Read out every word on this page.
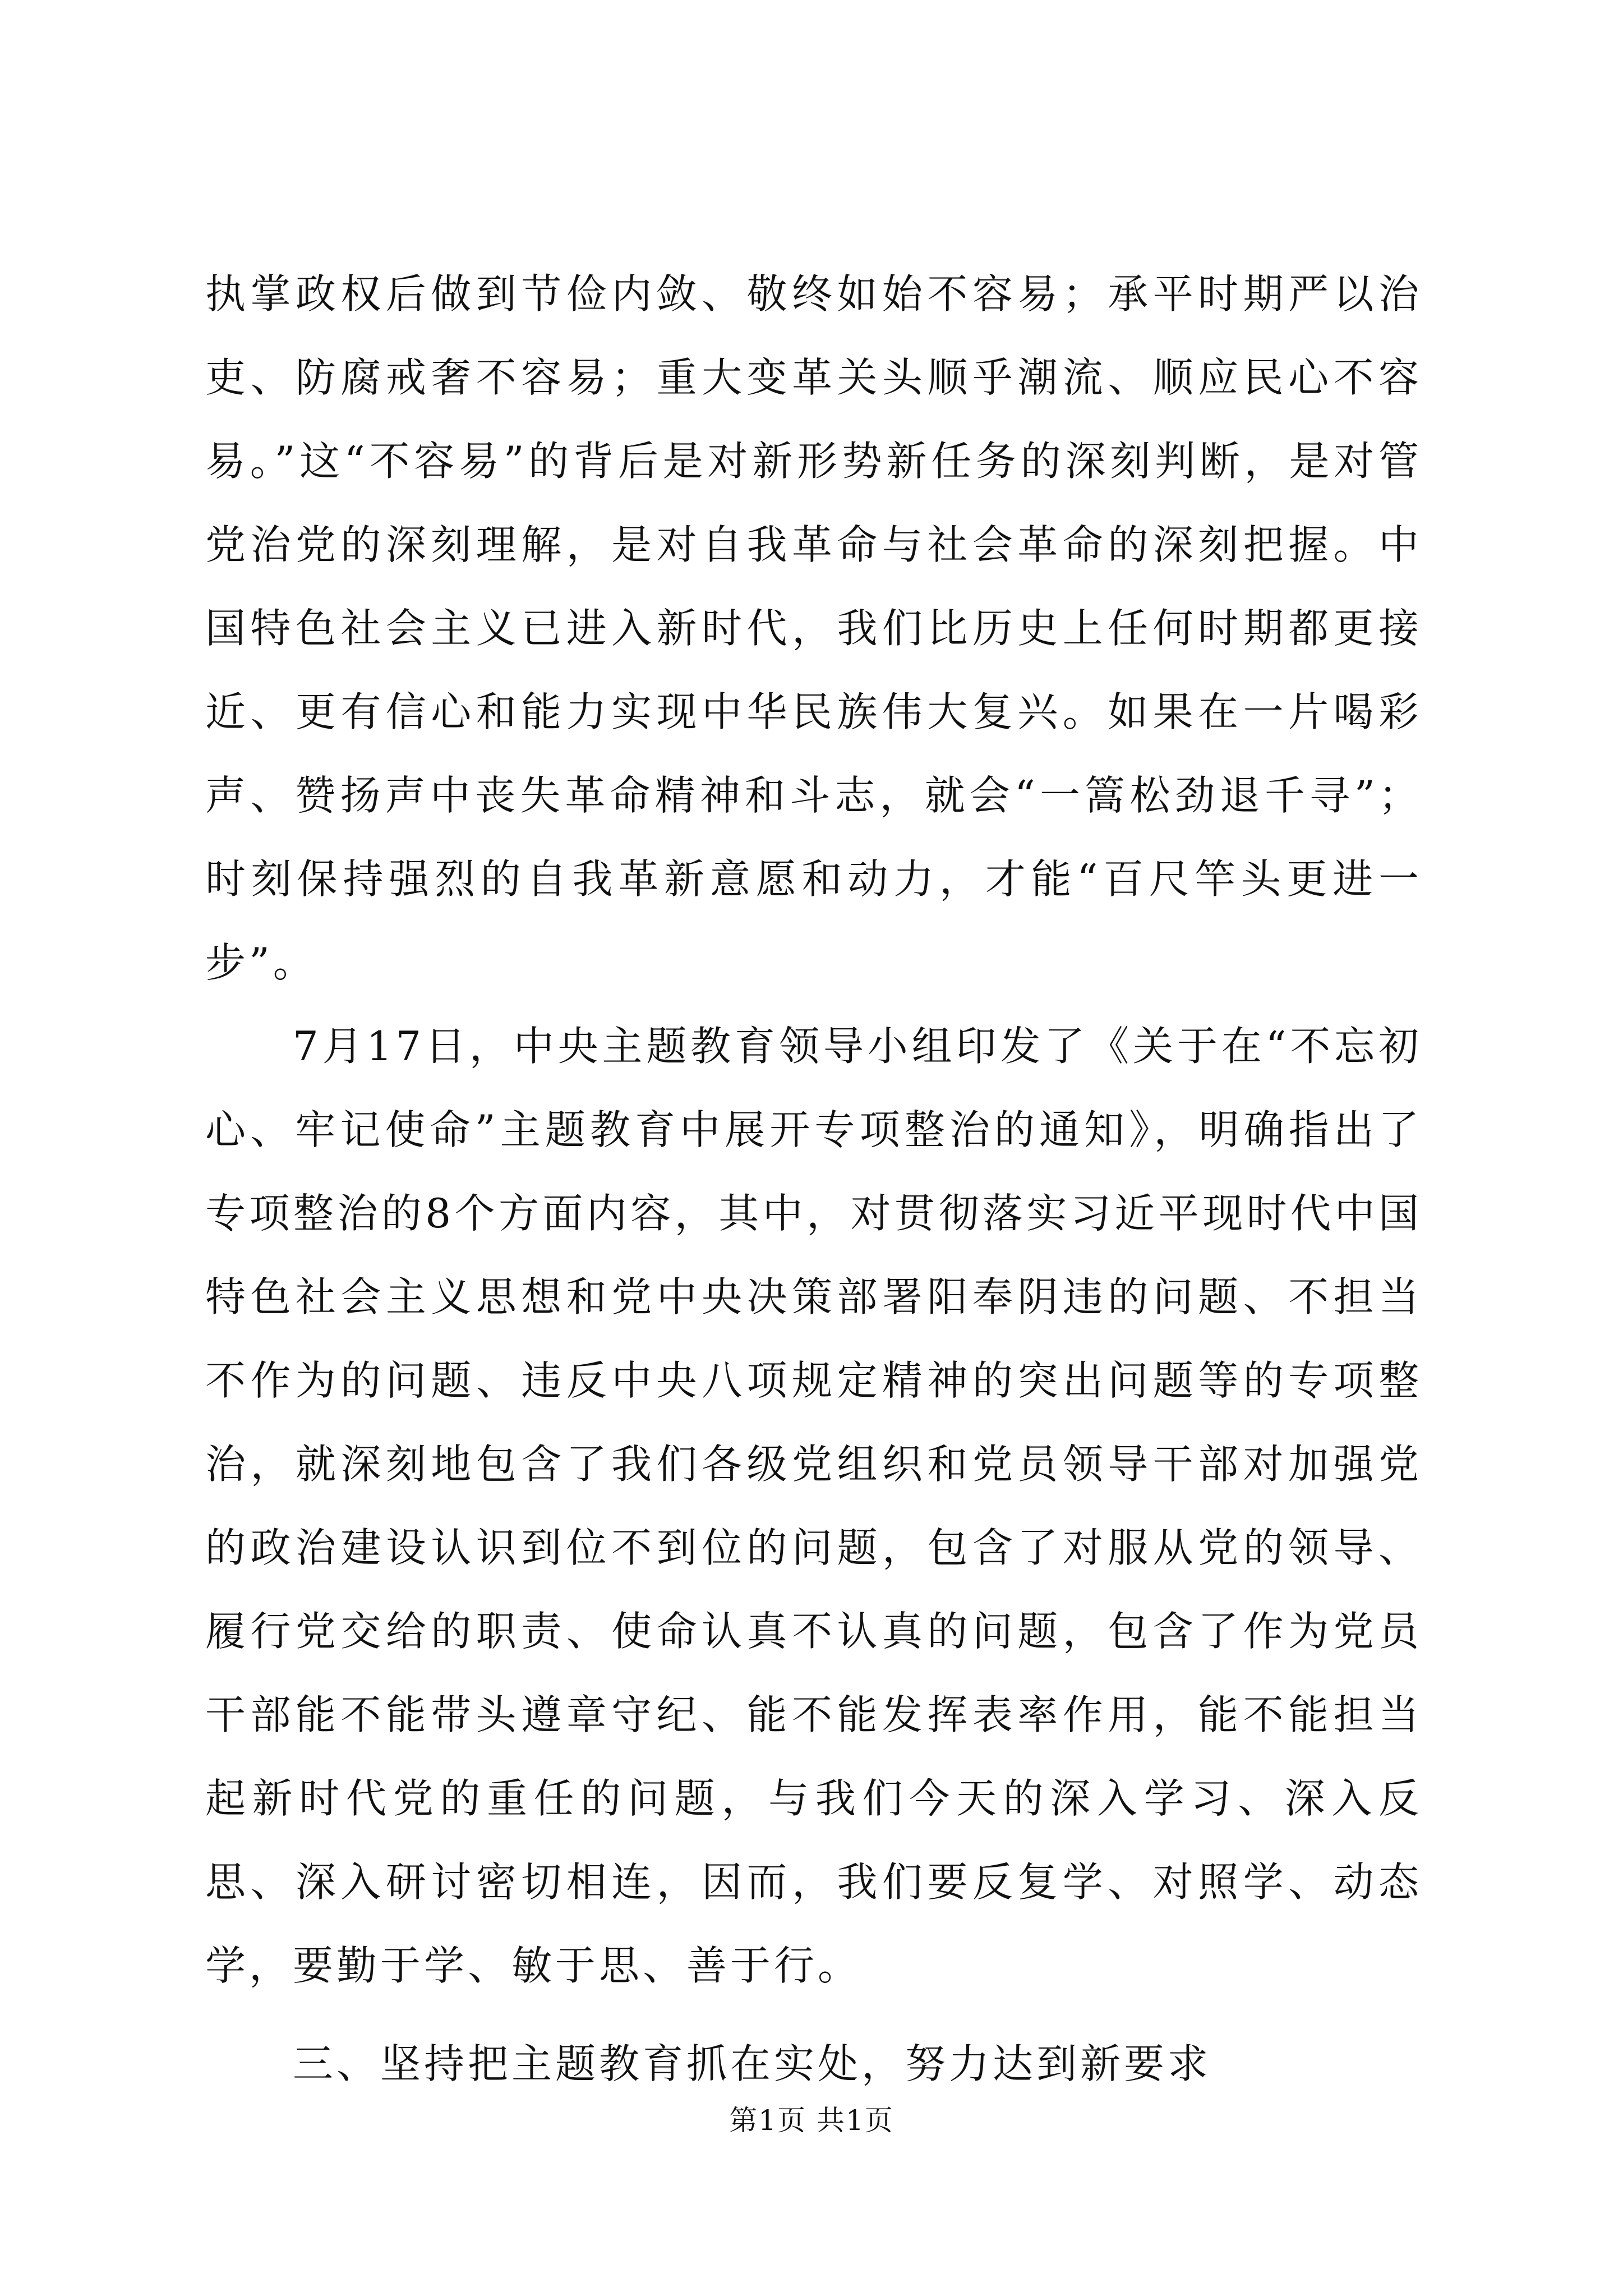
执掌政权后做到节俭内敛、敬终如始不容易；承平时期严以治吏、防腐戒奢不容易；重大变革关头顺乎潮流、顺应民心不容易。”这“不容易”的背后是对新形势新任务的深刻判断，是对管党治党的深刻理解，是对自我革命与社会革命的深刻把握。中国特色社会主义已进入新时代，我们比历史上任何时期都更接近、更有信心和能力实现中华民族伟大复兴。如果在一片喝彩声、赞扬声中丧失革命精神和斗志，就会“一篙松劲退千寻”；时刻保持强烈的自我革新意愿和动力，才能“百尺竿头更进一步”。

7月17日，中央主题教育领导小组印发了《关于在“不忘初心、牢记使命”主题教育中展开专项整治的通知》，明确指出了专项整治的8个方面内容，其中，对贯彻落实习近平现时代中国特色社会主义思想和党中央决策部署阳奉阴违的问题、不担当不作为的问题、违反中央八项规定精神的突出问题等的专项整治，就深刻地包含了我们各级党组织和党员领导干部对加强党的政治建设认识到位不到位的问题，包含了对服从党的领导、履行党交给的职责、使命认真不认真的问题，包含了作为党员干部能不能带头遵章守纪、能不能发挥表率作用，能不能担当起新时代党的重任的问题，与我们今天的深入学习、深入反思、深入研讨密切相连，因而，我们要反复学、对照学、动态学，要勤于学、敏于思、善于行。

三、坚持把主题教育抓在实处，努力达到新要求

第1页 共1页
